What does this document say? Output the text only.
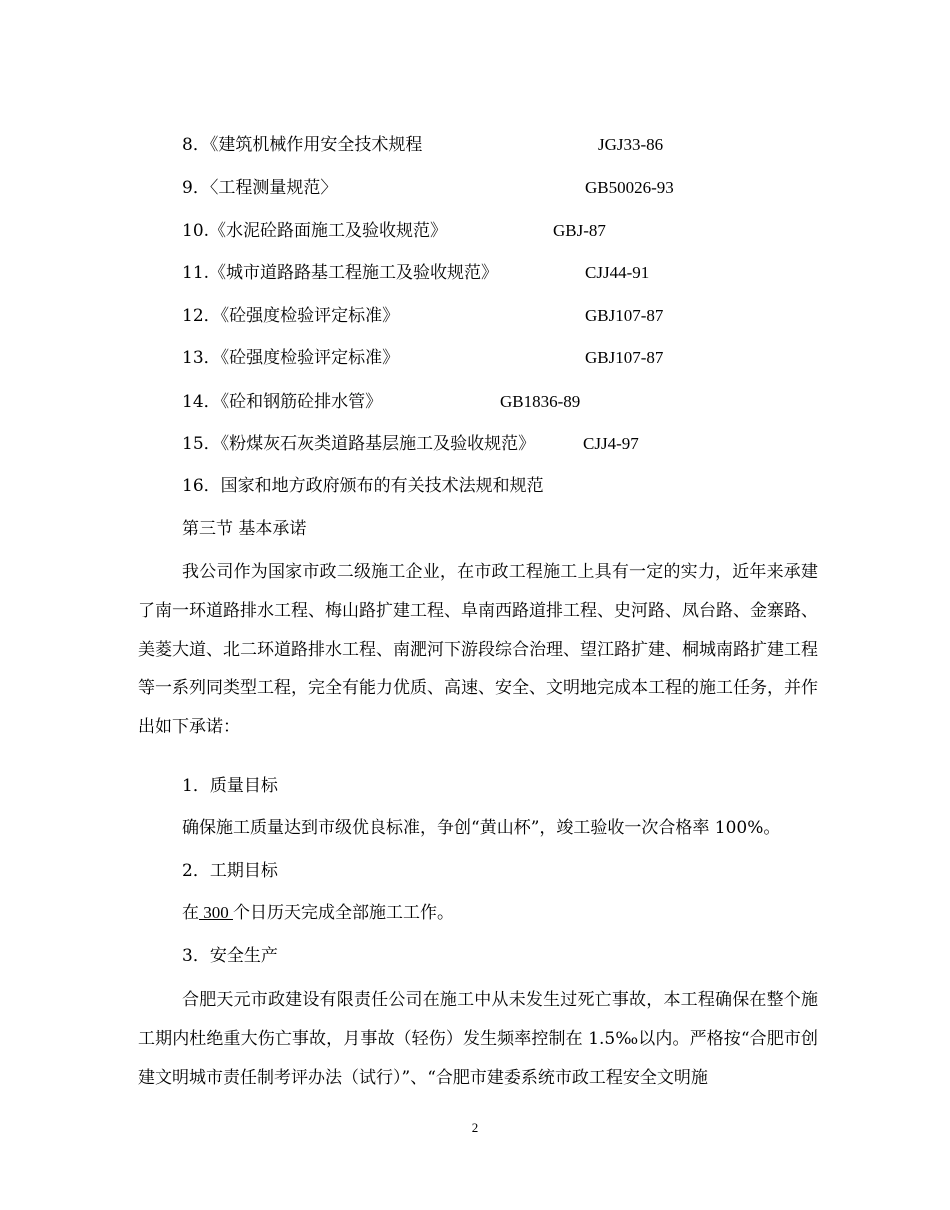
8．《建筑机械作用安全技术规程	JGJ33-86
9．〈工程测量规范〉	GB50026-93
10.《水泥砼路面施工及验收规范》	GBJ-87
11.《城市道路路基工程施工及验收规范》	CJJ44-91
12．《砼强度检验评定标准》	GBJ107-87
13．《砼强度检验评定标准》	GBJ107-87
14．《砼和钢筋砼排水管》	GB1836-89
15．《粉煤灰石灰类道路基层施工及验收规范》	CJJ4-97
16．国家和地方政府颁布的有关技术法规和规范
第三节 基本承诺
我公司作为国家市政二级施工企业，在市政工程施工上具有一定的实力，近年来承建了南一环道路排水工程、梅山路扩建工程、阜南西路道排工程、史河路、凤台路、金寨路、美菱大道、北二环道路排水工程、南淝河下游段综合治理、望江路扩建、桐城南路扩建工程等一系列同类型工程，完全有能力优质、高速、安全、文明地完成本工程的施工任务，并作出如下承诺：
1．质量目标
确保施工质量达到市级优良标准，争创“黄山杯”，竣工验收一次合格率 100%。
2．工期目标
在 300 个日历天完成全部施工工作。
3．安全生产
合肥天元市政建设有限责任公司在施工中从未发生过死亡事故，本工程确保在整个施工期内杜绝重大伤亡事故，月事故（轻伤）发生频率控制在 1.5‰以内。严格按“合肥市创建文明城市责任制考评办法（试行）”、“合肥市建委系统市政工程安全文明施
2
